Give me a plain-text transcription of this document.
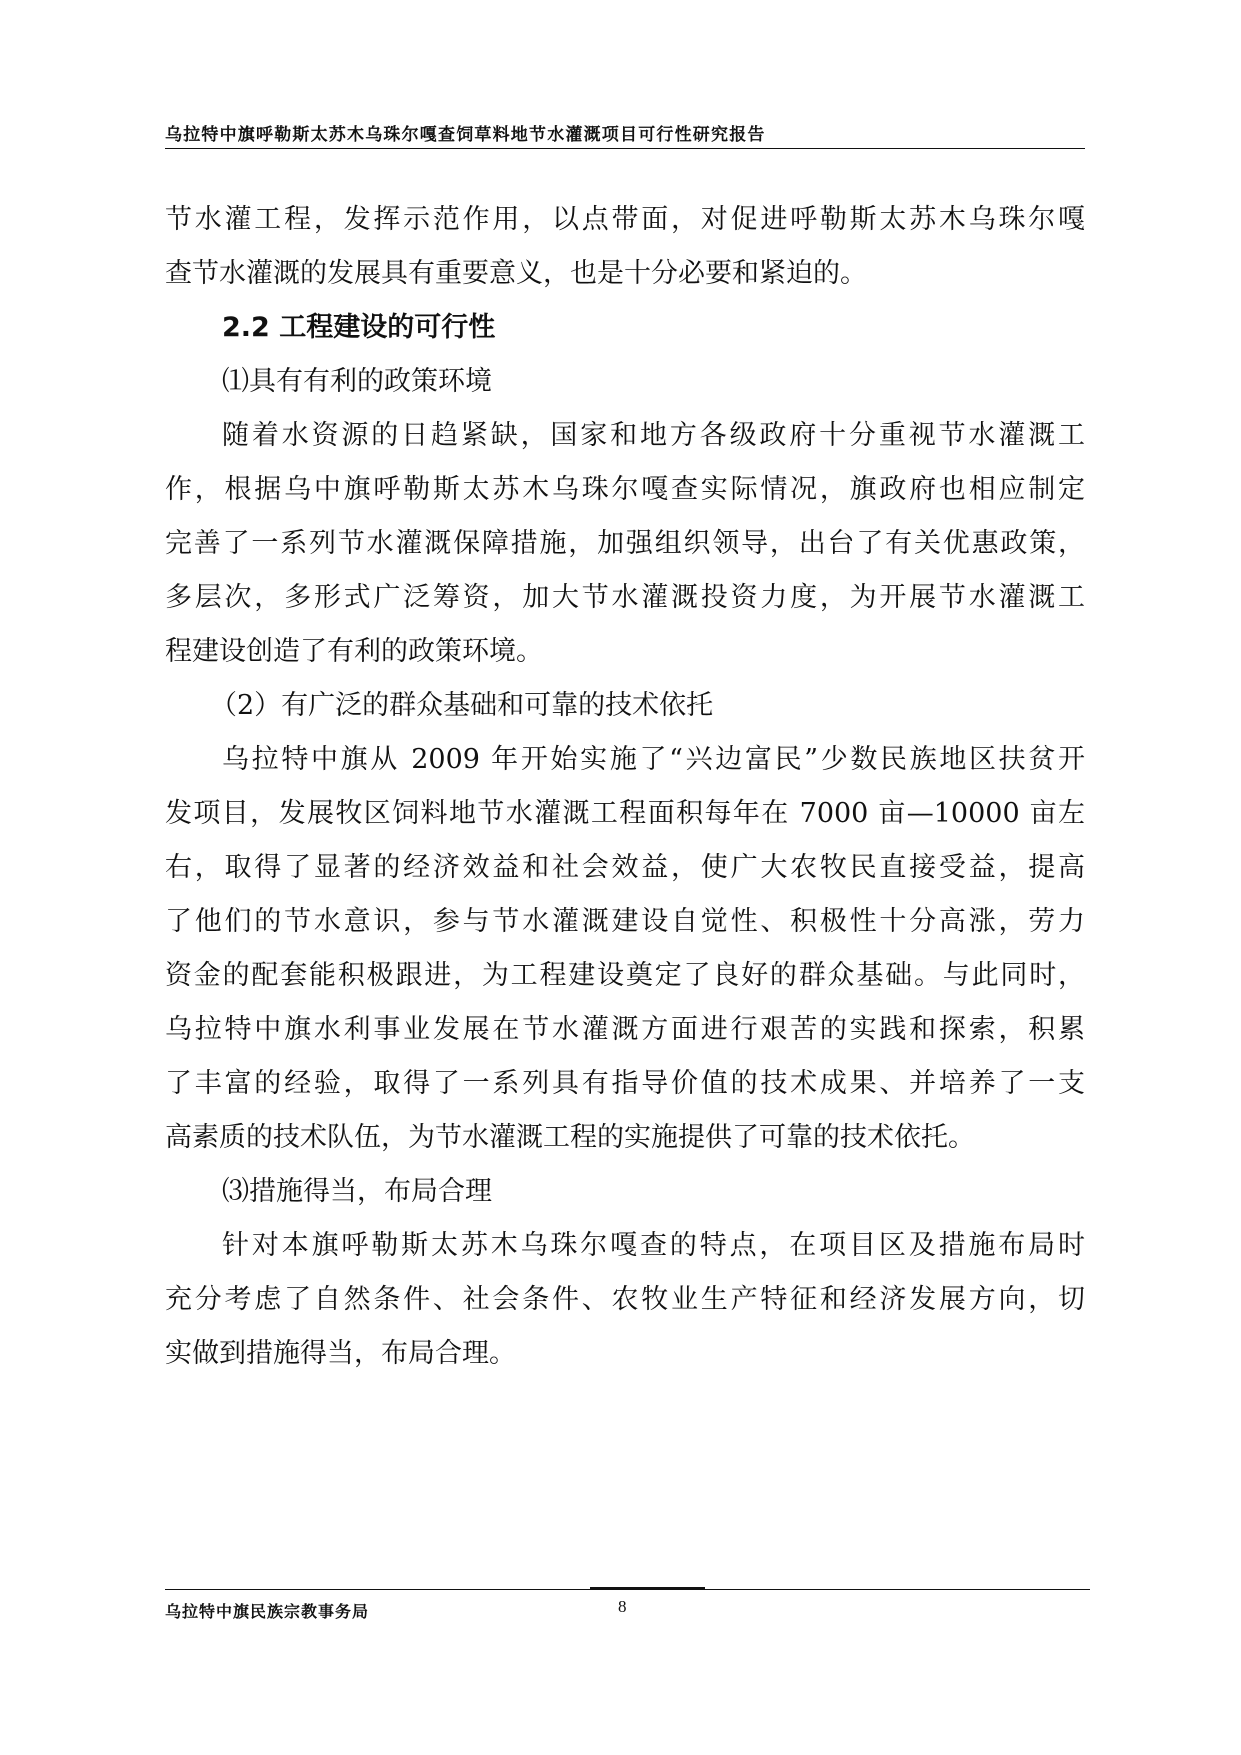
乌拉特中旗呼勒斯太苏木乌珠尔嘎查饲草料地节水灌溉项目可行性研究报告
节水灌工程，发挥示范作用，以点带面，对促进呼勒斯太苏木乌珠尔嘎
查节水灌溉的发展具有重要意义，也是十分必要和紧迫的。
2.2 工程建设的可行性
⑴具有有利的政策环境
随着水资源的日趋紧缺，国家和地方各级政府十分重视节水灌溉工
作，根据乌中旗呼勒斯太苏木乌珠尔嘎查实际情况，旗政府也相应制定
完善了一系列节水灌溉保障措施，加强组织领导，出台了有关优惠政策，
多层次，多形式广泛筹资，加大节水灌溉投资力度，为开展节水灌溉工
程建设创造了有利的政策环境。
（2）有广泛的群众基础和可靠的技术依托
乌拉特中旗从 2009 年开始实施了“兴边富民”少数民族地区扶贫开
发项目，发展牧区饲料地节水灌溉工程面积每年在 7000 亩—10000 亩左
右，取得了显著的经济效益和社会效益，使广大农牧民直接受益，提高
了他们的节水意识，参与节水灌溉建设自觉性、积极性十分高涨，劳力
资金的配套能积极跟进，为工程建设奠定了良好的群众基础。与此同时，
乌拉特中旗水利事业发展在节水灌溉方面进行艰苦的实践和探索，积累
了丰富的经验，取得了一系列具有指导价值的技术成果、并培养了一支
高素质的技术队伍，为节水灌溉工程的实施提供了可靠的技术依托。
⑶措施得当，布局合理
针对本旗呼勒斯太苏木乌珠尔嘎查的特点，在项目区及措施布局时
充分考虑了自然条件、社会条件、农牧业生产特征和经济发展方向，切
实做到措施得当，布局合理。
乌拉特中旗民族宗教事务局	8
